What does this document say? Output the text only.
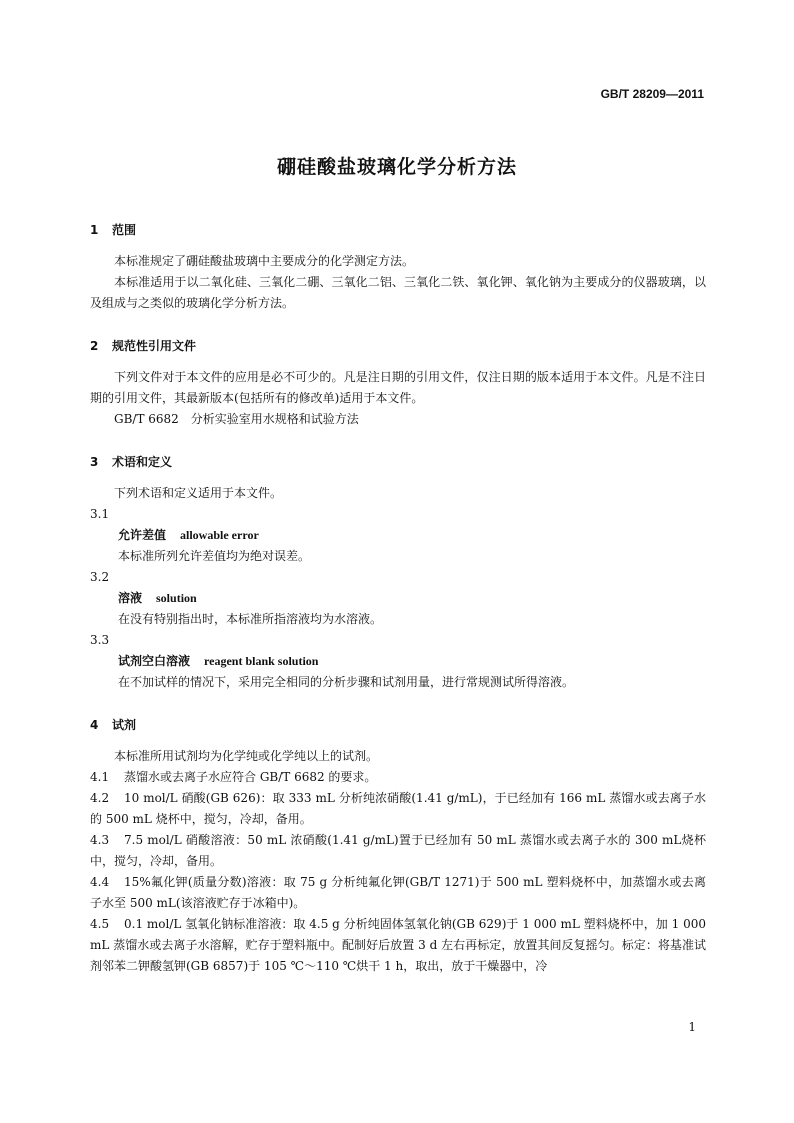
GB/T 28209—2011
硼硅酸盐玻璃化学分析方法
1 范围

本标准规定了硼硅酸盐玻璃中主要成分的化学测定方法。

本标准适用于以二氧化硅、三氧化二硼、三氧化二铝、三氧化二铁、氧化钾、氧化钠为主要成分的仪器玻璃，以及组成与之类似的玻璃化学分析方法。

2 规范性引用文件

下列文件对于本文件的应用是必不可少的。凡是注日期的引用文件，仅注日期的版本适用于本文件。凡是不注日期的引用文件，其最新版本(包括所有的修改单)适用于本文件。

GB/T 6682　分析实验室用水规格和试验方法

3 术语和定义

下列术语和定义适用于本文件。

3.1

允许差值 allowable error

本标准所列允许差值均为绝对误差。

3.2

溶液 solution

在没有特别指出时，本标准所指溶液均为水溶液。

3.3

试剂空白溶液 reagent blank solution

在不加试样的情况下，采用完全相同的分析步骤和试剂用量，进行常规测试所得溶液。

4 试剂

本标准所用试剂均为化学纯或化学纯以上的试剂。

4.1 蒸馏水或去离子水应符合 GB/T 6682 的要求。

4.2 10 mol/L 硝酸(GB 626)：取 333 mL 分析纯浓硝酸(1.41 g/mL)，于已经加有 166 mL 蒸馏水或去离子水的 500 mL 烧杯中，搅匀，冷却，备用。

4.3 7.5 mol/L 硝酸溶液：50 mL 浓硝酸(1.41 g/mL)置于已经加有 50 mL 蒸馏水或去离子水的 300 mL烧杯中，搅匀，冷却，备用。

4.4 15%氟化钾(质量分数)溶液：取 75 g 分析纯氟化钾(GB/T 1271)于 500 mL 塑料烧杯中，加蒸馏水或去离子水至 500 mL(该溶液贮存于冰箱中)。

4.5 0.1 mol/L 氢氧化钠标准溶液：取 4.5 g 分析纯固体氢氧化钠(GB 629)于 1 000 mL 塑料烧杯中，加 1 000 mL 蒸馏水或去离子水溶解，贮存于塑料瓶中。配制好后放置 3 d 左右再标定，放置其间反复摇匀。标定：将基准试剂邻苯二钾酸氢钾(GB 6857)于 105 ℃～110 ℃烘干 1 h，取出，放于干燥器中，冷

1
